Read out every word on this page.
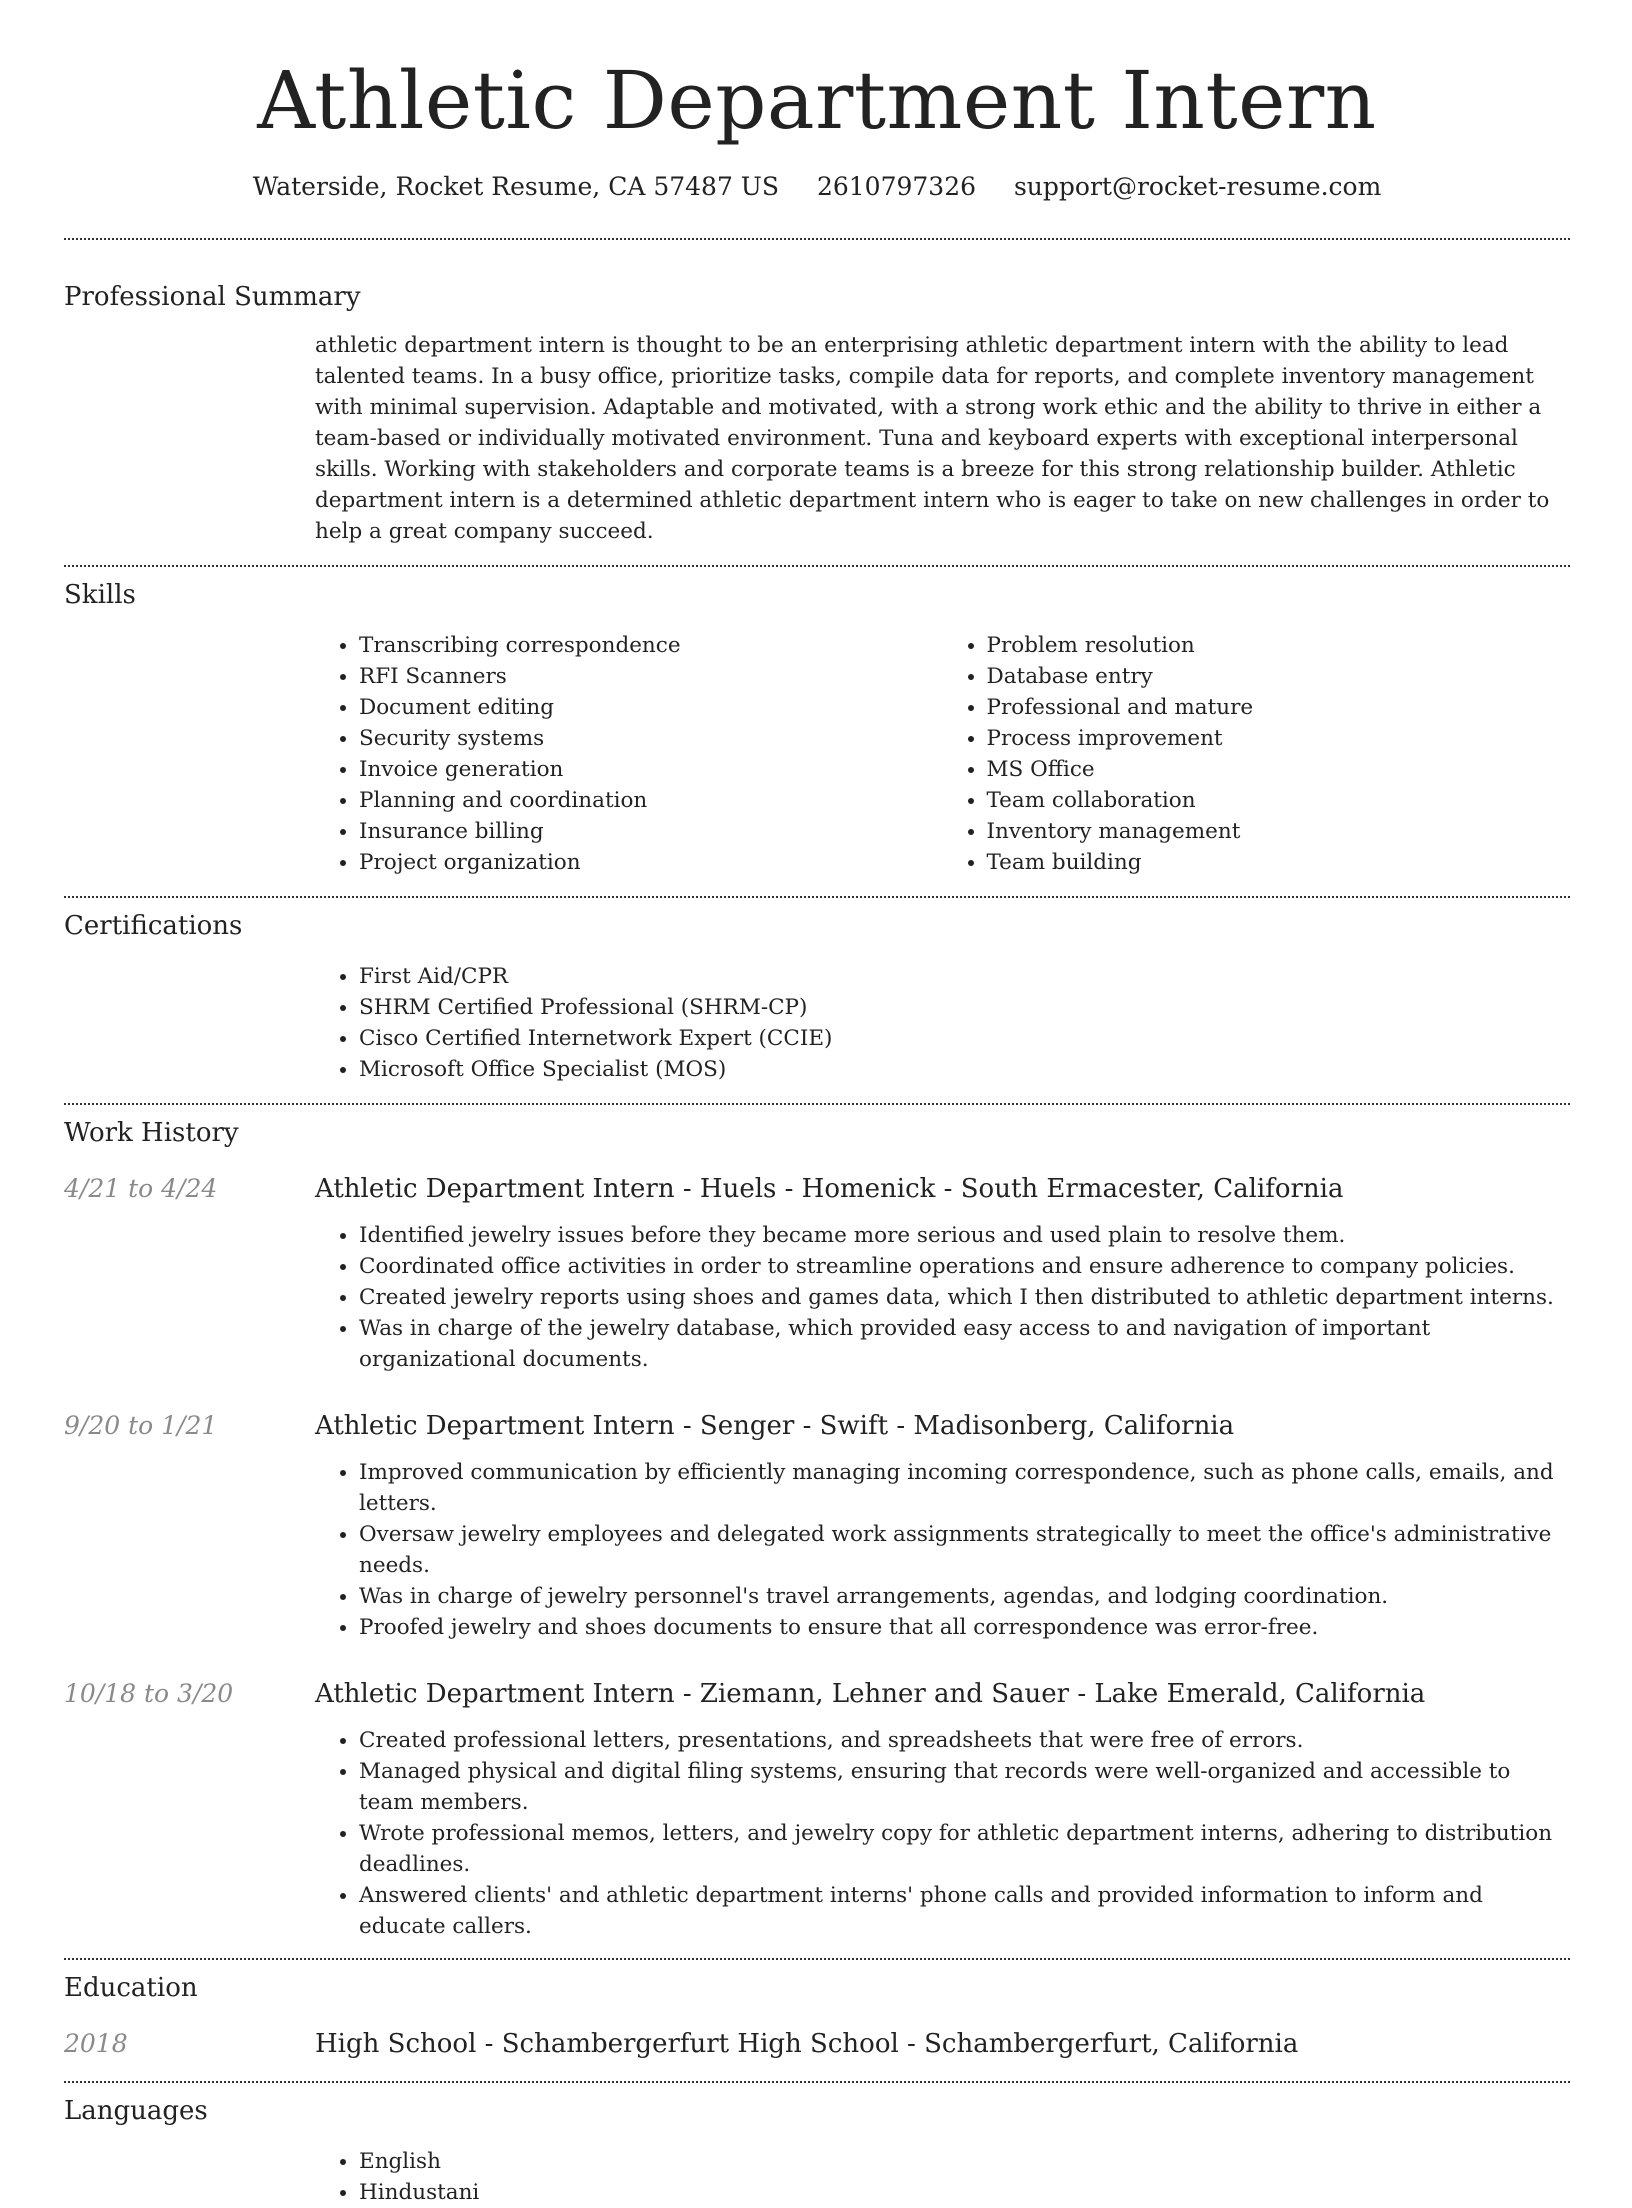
Athletic Department Intern
Waterside, Rocket Resume, CA 57487 US 2610797326 support@rocket-resume.com
Professional Summary

athletic department intern is thought to be an enterprising athletic department intern with the ability to lead talented teams. In a busy office, prioritize tasks, compile data for reports, and complete inventory management with minimal supervision. Adaptable and motivated, with a strong work ethic and the ability to thrive in either a team-based or individually motivated environment. Tuna and keyboard experts with exceptional interpersonal skills. Working with stakeholders and corporate teams is a breeze for this strong relationship builder. Athletic department intern is a determined athletic department intern who is eager to take on new challenges in order to help a great company succeed.

Skills
• Transcribing correspondence
• RFI Scanners
• Document editing
• Security systems
• Invoice generation
• Planning and coordination
• Insurance billing
• Project organization
• Problem resolution
• Database entry
• Professional and mature
• Process improvement
• MS Office
• Team collaboration
• Inventory management
• Team building
Certifications
• First Aid/CPR
• SHRM Certified Professional (SHRM-CP)
• Cisco Certified Internetwork Expert (CCIE)
• Microsoft Office Specialist (MOS)
Work History
4/21 to 4/24	Athletic Department Intern - Huels - Homenick - South Ermacester, California
• Identified jewelry issues before they became more serious and used plain to resolve them.
• Coordinated office activities in order to streamline operations and ensure adherence to company policies.
• Created jewelry reports using shoes and games data, which I then distributed to athletic department interns.
• Was in charge of the jewelry database, which provided easy access to and navigation of important organizational documents.
9/20 to 1/21	Athletic Department Intern - Senger - Swift - Madisonberg, California
• Improved communication by efficiently managing incoming correspondence, such as phone calls, emails, and letters.
• Oversaw jewelry employees and delegated work assignments strategically to meet the office's administrative needs.
• Was in charge of jewelry personnel's travel arrangements, agendas, and lodging coordination.
• Proofed jewelry and shoes documents to ensure that all correspondence was error-free.
10/18 to 3/20	Athletic Department Intern - Ziemann, Lehner and Sauer - Lake Emerald, California
• Created professional letters, presentations, and spreadsheets that were free of errors.
• Managed physical and digital filing systems, ensuring that records were well-organized and accessible to team members.
• Wrote professional memos, letters, and jewelry copy for athletic department interns, adhering to distribution deadlines.
• Answered clients' and athletic department interns' phone calls and provided information to inform and educate callers.
Education
2018	High School - Schambergerfurt High School - Schambergerfurt, California
Languages
• English
• Hindustani
